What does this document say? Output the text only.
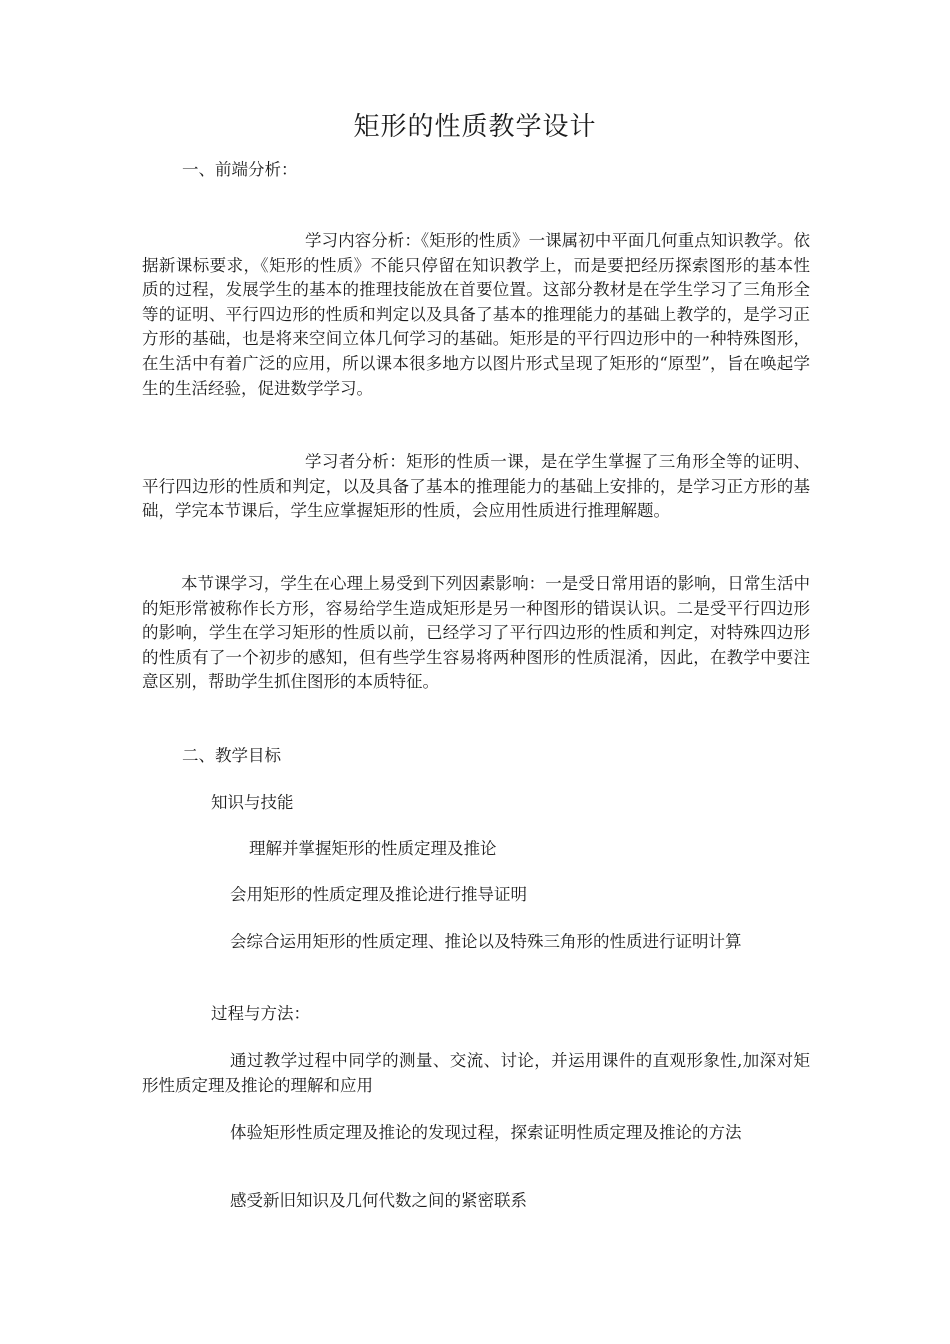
矩形的性质教学设计
一、前端分析：
学习内容分析：《矩形的性质》一课属初中平面几何重点知识教学。依据新课标要求，《矩形的性质》不能只停留在知识教学上，而是要把经历探索图形的基本性质的过程，发展学生的基本的推理技能放在首要位置。这部分教材是在学生学习了三角形全等的证明、平行四边形的性质和判定以及具备了基本的推理能力的基础上教学的，是学习正方形的基础，也是将来空间立体几何学习的基础。矩形是的平行四边形中的一种特殊图形，在生活中有着广泛的应用，所以课本很多地方以图片形式呈现了矩形的“原型”，旨在唤起学生的生活经验，促进数学学习。
学习者分析：矩形的性质一课，是在学生掌握了三角形全等的证明、平行四边形的性质和判定，以及具备了基本的推理能力的基础上安排的，是学习正方形的基础，学完本节课后，学生应掌握矩形的性质，会应用性质进行推理解题。
本节课学习，学生在心理上易受到下列因素影响：一是受日常用语的影响，日常生活中的矩形常被称作长方形，容易给学生造成矩形是另一种图形的错误认识。二是受平行四边形的影响，学生在学习矩形的性质以前，已经学习了平行四边形的性质和判定，对特殊四边形的性质有了一个初步的感知，但有些学生容易将两种图形的性质混淆，因此，在教学中要注意区别，帮助学生抓住图形的本质特征。
二、教学目标
知识与技能
理解并掌握矩形的性质定理及推论
会用矩形的性质定理及推论进行推导证明
会综合运用矩形的性质定理、推论以及特殊三角形的性质进行证明计算
过程与方法：
通过教学过程中同学的测量、交流、讨论，并运用课件的直观形象性,加深对矩形性质定理及推论的理解和应用
体验矩形性质定理及推论的发现过程，探索证明性质定理及推论的方法
感受新旧知识及几何代数之间的紧密联系
